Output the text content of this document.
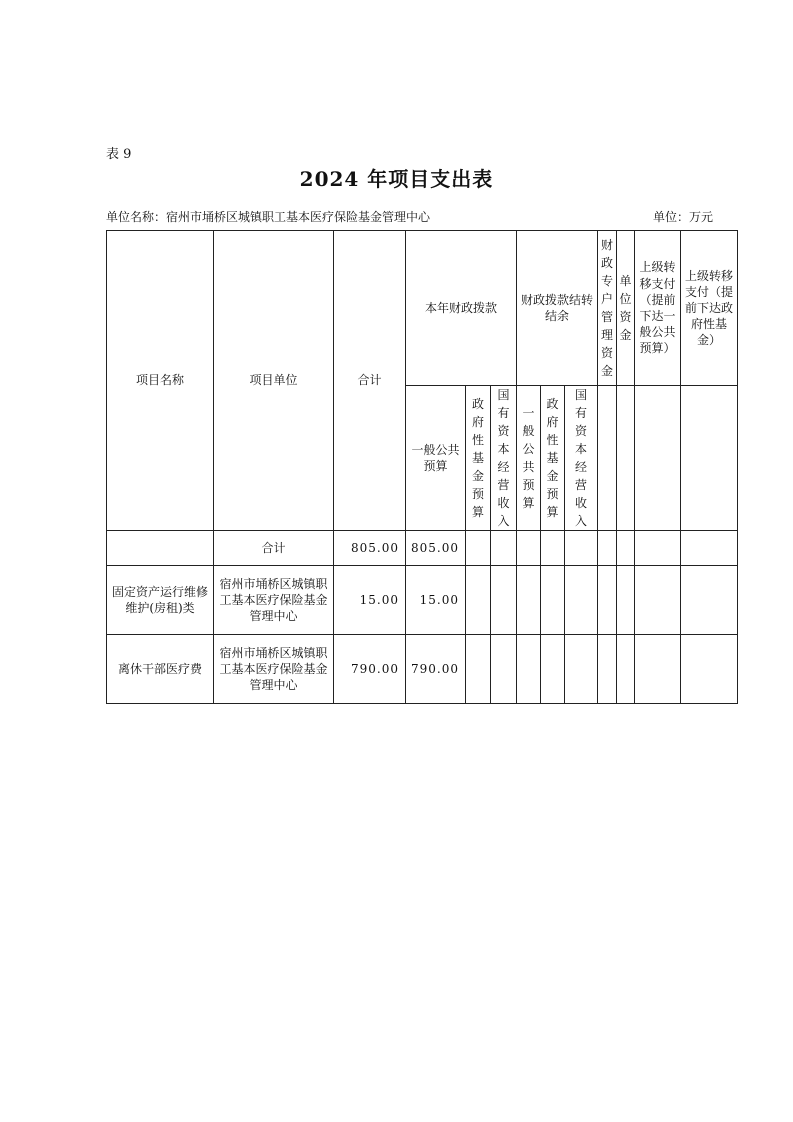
表 9
2024 年项目支出表
单位名称：宿州市埇桥区城镇职工基本医疗保险基金管理中心	单位：万元
项目名称	项目单位	合计	本年财政拨款			财政拨款结转结余			财政专户管理资金	单位资金	上级转移支付（提前下达一般公共预算）	上级转移支付（提前下达政府性基金）
			一般公共预算	政府性基金预算	国有资本经营收入	一般公共预算	政府性基金预算	国有资本经营收入				
	合计	805.00	805.00									
固定资产运行维修维护(房租)类	宿州市埇桥区城镇职工基本医疗保险基金管理中心	15.00	15.00									
离休干部医疗费	宿州市埇桥区城镇职工基本医疗保险基金管理中心	790.00	790.00									
